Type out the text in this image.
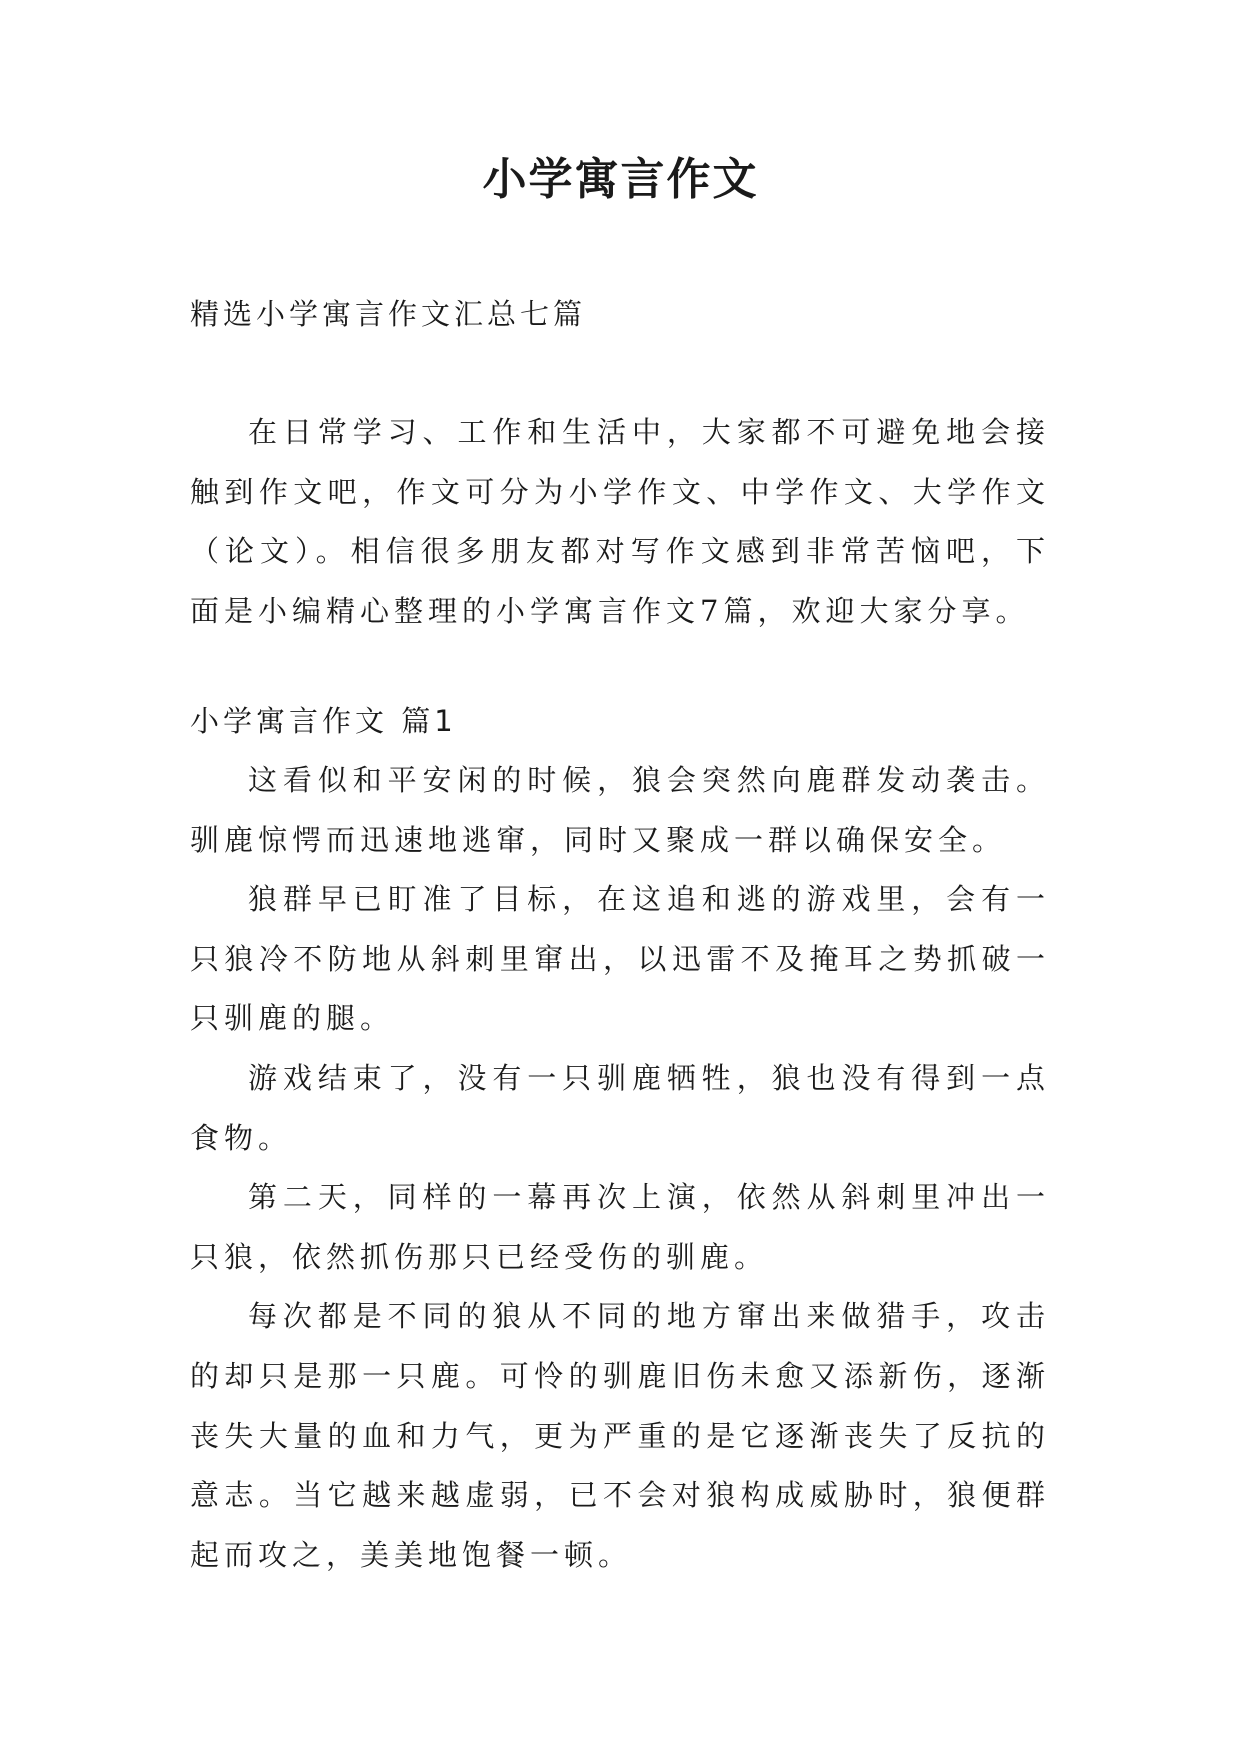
小学寓言作文
精选小学寓言作文汇总七篇

在日常学习、工作和生活中，大家都不可避免地会接触到作文吧，作文可分为小学作文、中学作文、大学作文（论文）。相信很多朋友都对写作文感到非常苦恼吧，下面是小编精心整理的小学寓言作文7篇，欢迎大家分享。

小学寓言作文 篇1

这看似和平安闲的时候，狼会突然向鹿群发动袭击。驯鹿惊愕而迅速地逃窜，同时又聚成一群以确保安全。

狼群早已盯准了目标，在这追和逃的游戏里，会有一只狼冷不防地从斜刺里窜出，以迅雷不及掩耳之势抓破一只驯鹿的腿。

游戏结束了，没有一只驯鹿牺牲，狼也没有得到一点食物。

第二天，同样的一幕再次上演，依然从斜刺里冲出一只狼，依然抓伤那只已经受伤的驯鹿。

每次都是不同的狼从不同的地方窜出来做猎手，攻击的却只是那一只鹿。可怜的驯鹿旧伤未愈又添新伤，逐渐丧失大量的血和力气，更为严重的是它逐渐丧失了反抗的意志。当它越来越虚弱，已不会对狼构成威胁时，狼便群起而攻之，美美地饱餐一顿。
